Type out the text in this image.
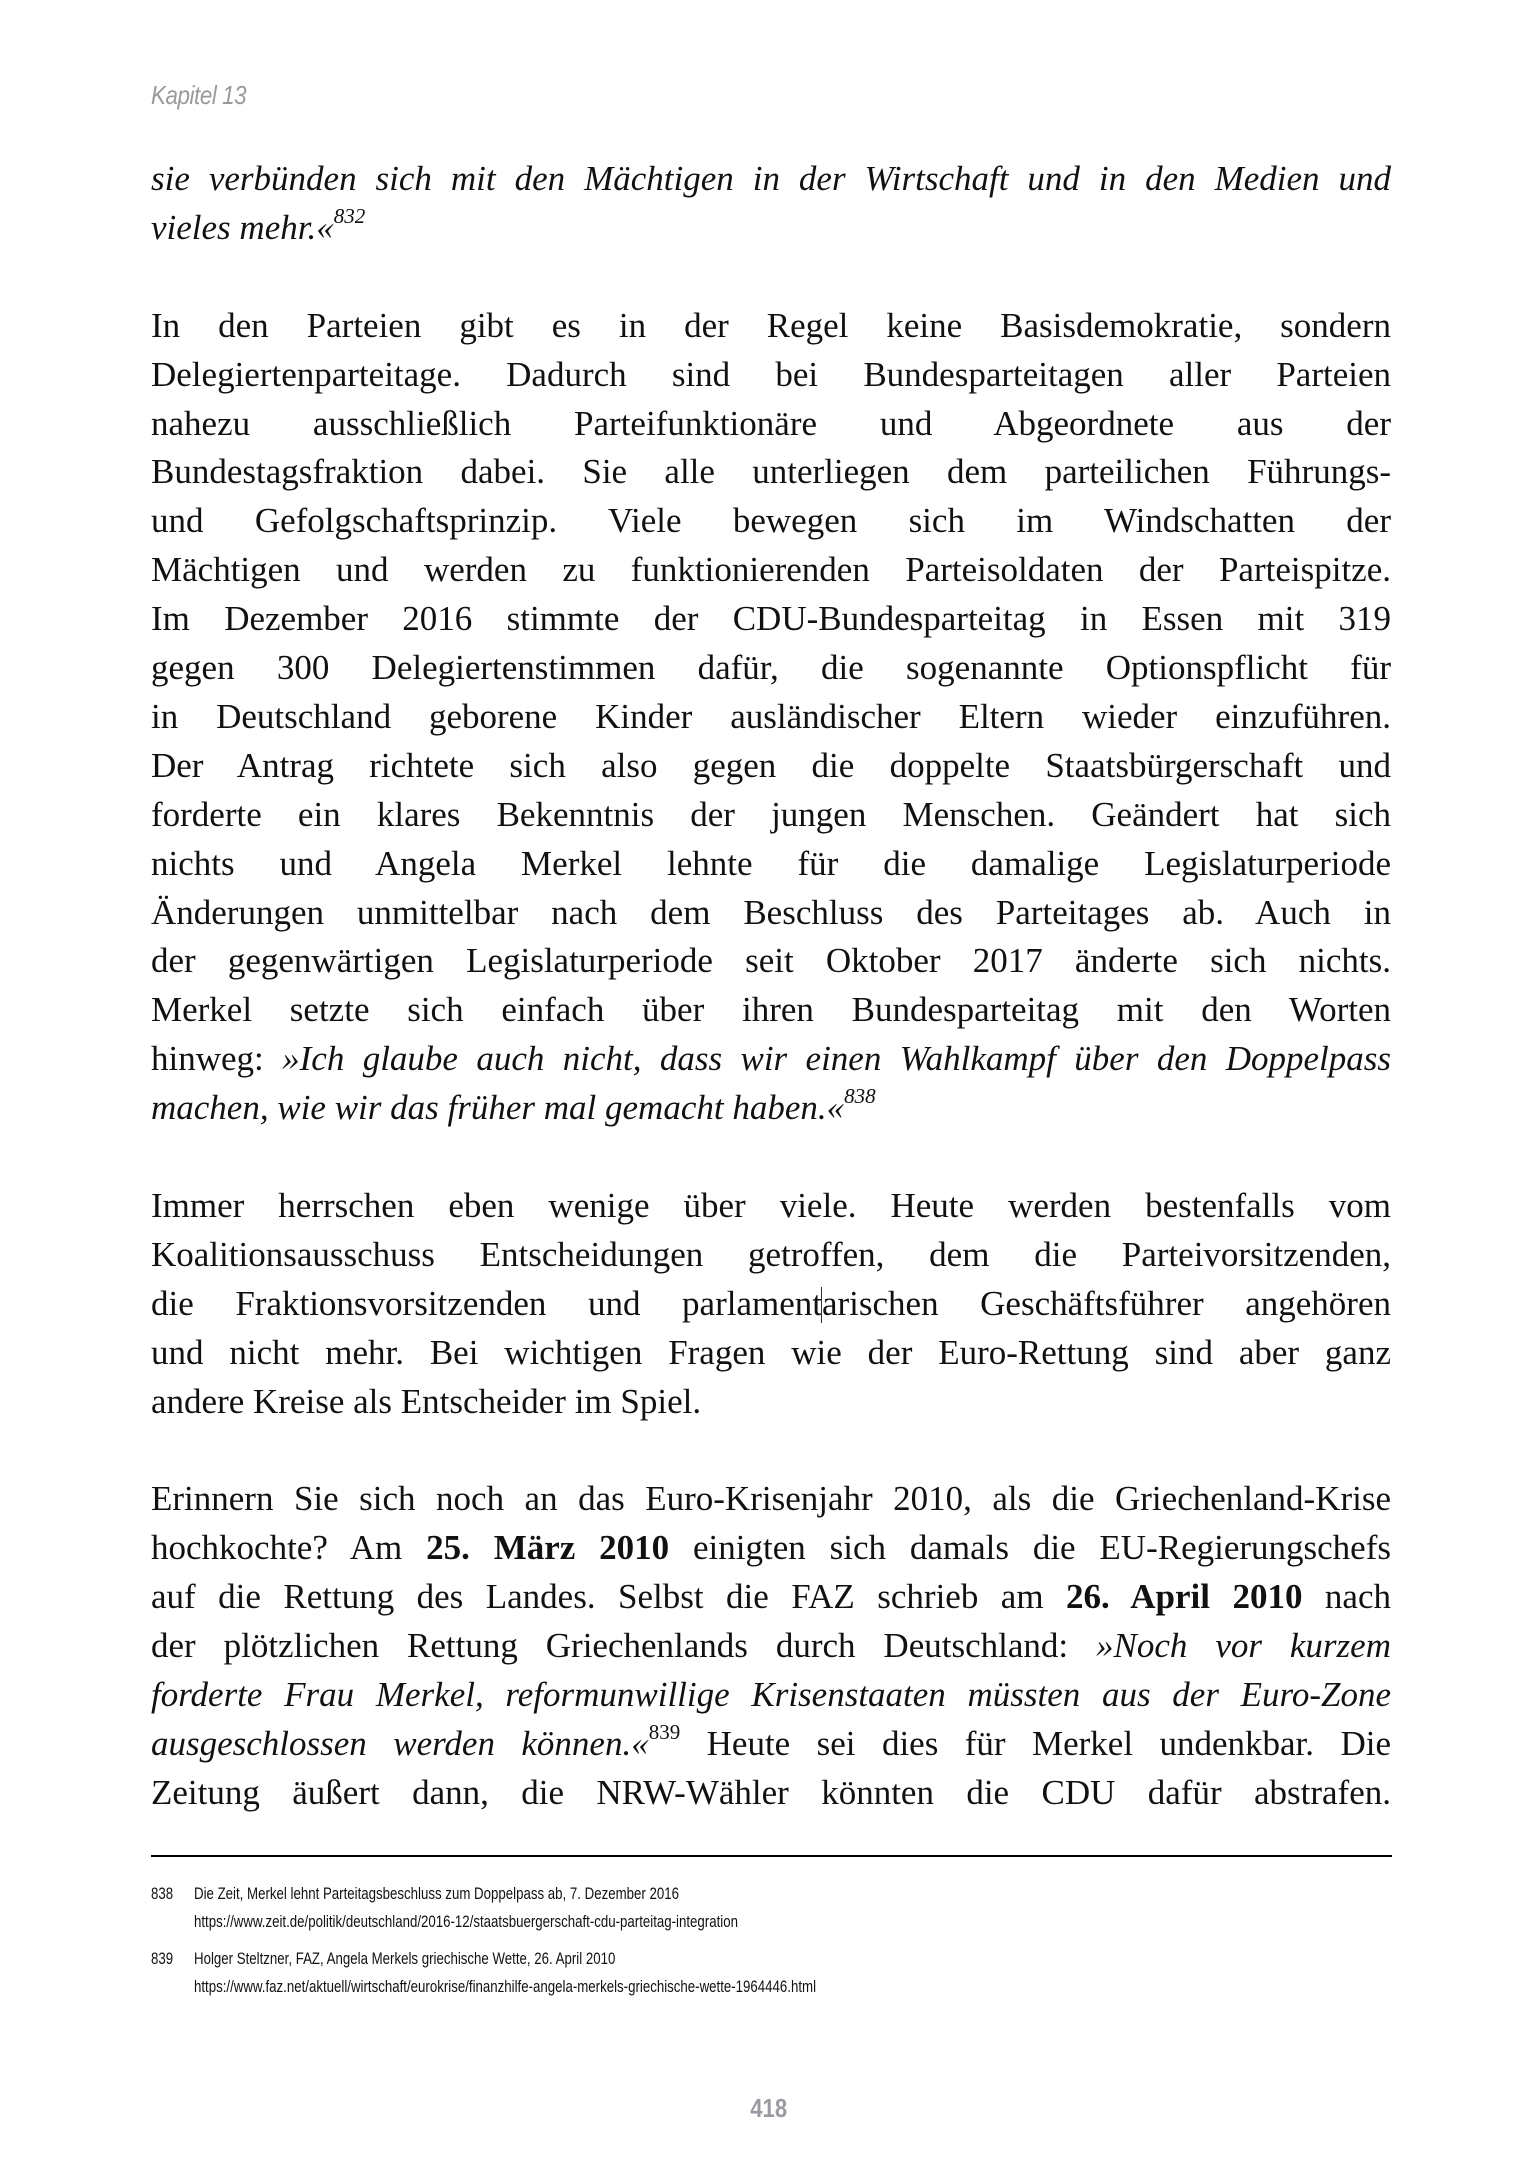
Kapitel 13

sie verbünden sich mit den Mächtigen in der Wirtschaft und in den Medien und
vieles mehr.«$^{832}$

In den Parteien gibt es in der Regel keine Basisdemokratie, sondern
Delegiertenparteitage. Dadurch sind bei Bundesparteitagen aller Parteien
nahezu ausschließlich Parteifunktionäre und Abgeordnete aus der
Bundestagsfraktion dabei. Sie alle unterliegen dem parteilichen Führungs-
und Gefolgschaftsprinzip. Viele bewegen sich im Windschatten der
Mächtigen und werden zu funktionierenden Parteisoldaten der Parteispitze.
Im Dezember 2016 stimmte der CDU-Bundesparteitag in Essen mit 319
gegen 300 Delegiertenstimmen dafür, die sogenannte Optionspflicht für
in Deutschland geborene Kinder ausländischer Eltern wieder einzuführen.
Der Antrag richtete sich also gegen die doppelte Staatsbürgerschaft und
forderte ein klares Bekenntnis der jungen Menschen. Geändert hat sich
nichts und Angela Merkel lehnte für die damalige Legislaturperiode
Änderungen unmittelbar nach dem Beschluss des Parteitages ab. Auch in
der gegenwärtigen Legislaturperiode seit Oktober 2017 änderte sich nichts.
Merkel setzte sich einfach über ihren Bundesparteitag mit den Worten
hinweg: »Ich glaube auch nicht, dass wir einen Wahlkampf über den Doppelpass
machen, wie wir das früher mal gemacht haben.«$^{838}$

Immer herrschen eben wenige über viele. Heute werden bestenfalls vom
Koalitionsausschuss Entscheidungen getroffen, dem die Parteivorsitzenden,
die Fraktionsvorsitzenden und parlamentarischen Geschäftsführer angehören
und nicht mehr. Bei wichtigen Fragen wie der Euro-Rettung sind aber ganz
andere Kreise als Entscheider im Spiel.

Erinnern Sie sich noch an das Euro-Krisenjahr 2010, als die Griechenland-Krise
hochkochte? Am 25. März 2010 einigten sich damals die EU-Regierungschefs
auf die Rettung des Landes. Selbst die FAZ schrieb am 26. April 2010 nach
der plötzlichen Rettung Griechenlands durch Deutschland: »Noch vor kurzem
forderte Frau Merkel, reformunwillige Krisenstaaten müssten aus der Euro-Zone
ausgeschlossen werden können.«$^{839}$ Heute sei dies für Merkel undenkbar. Die
Zeitung äußert dann, die NRW-Wähler könnten die CDU dafür abstrafen.

838	Die Zeit, Merkel lehnt Parteitagsbeschluss zum Doppelpass ab, 7. Dezember 2016
https://www.zeit.de/politik/deutschland/2016-12/staatsbuergerschaft-cdu-parteitag-integration
839	Holger Steltzner, FAZ, Angela Merkels griechische Wette, 26. April 2010
https://www.faz.net/aktuell/wirtschaft/eurokrise/finanzhilfe-angela-merkels-griechische-wette-1964446.html
418
